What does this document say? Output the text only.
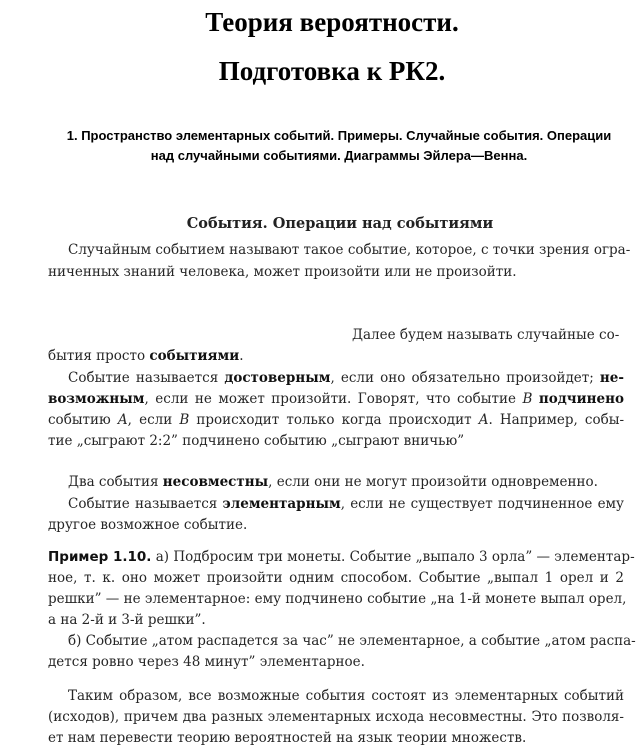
Теория вероятности.
Подготовка к РК2.
1. Пространство элементарных событий. Примеры. Случайные события. Операции
над случайными событиями. Диаграммы Эйлера—Венна.
События. Операции над событиями
Случайным событием называют такое событие, которое, с точки зрения огра-
ниченных знаний человека, может произойти или не произойти.
Далее будем называть случайные со-
бытия просто событиями.
Событие называется достоверным, если оно обязательно произойдет; не-
возможным, если не может произойти. Говорят, что событие B подчинено
событию A, если B происходит только когда происходит A. Например, собы-
тие „сыграют 2:2” подчинено событию „сыграют вничью”
Два события несовместны, если они не могут произойти одновременно.
Событие называется элементарным, если не существует подчиненное ему
другое возможное событие.
Пример 1.10. а) Подбросим три монеты. Событие „выпало 3 орла” — элементар-
ное, т. к. оно может произойти одним способом. Событие „выпал 1 орел и 2
решки” — не элементарное: ему подчинено событие „на 1-й монете выпал орел,
а на 2-й и 3-й решки”.
б) Событие „атом распадется за час” не элементарное, а событие „атом распа-
дется ровно через 48 минут” элементарное.
Таким образом, все возможные события состоят из элементарных событий
(исходов), причем два разных элементарных исхода несовместны. Это позволя-
ет нам перевести теорию вероятностей на язык теории множеств.
